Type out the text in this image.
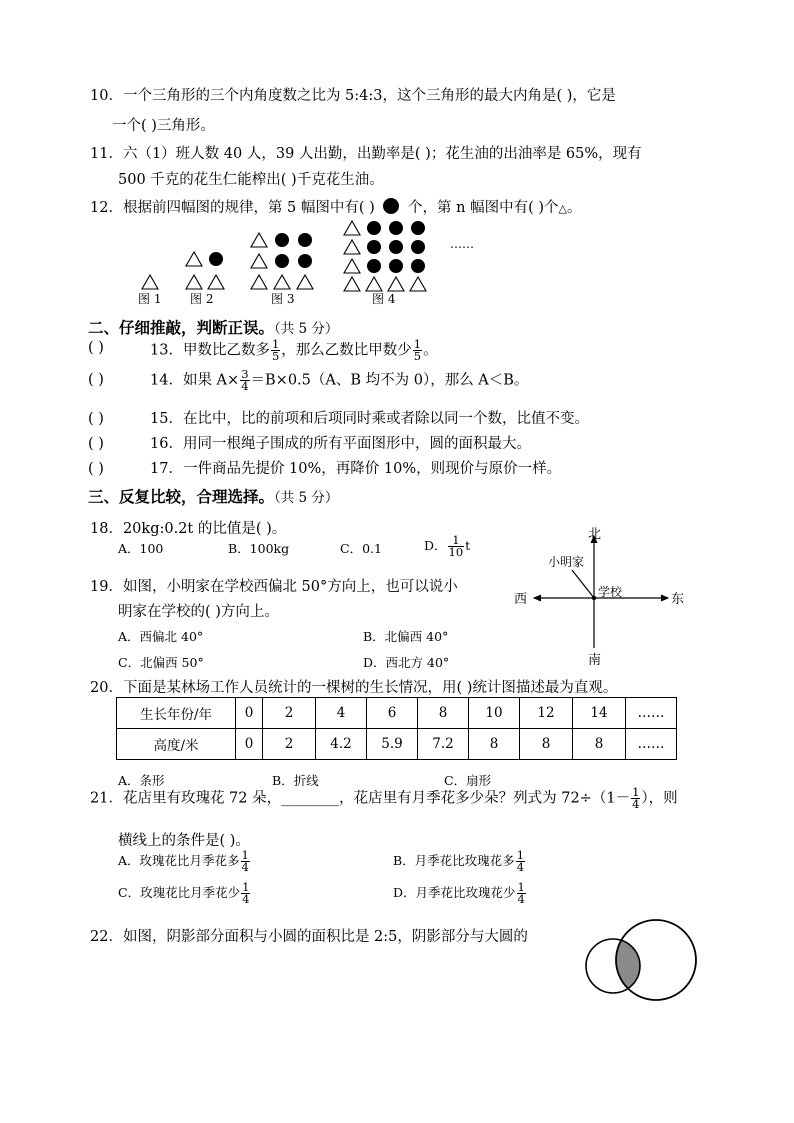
10．一个三角形的三个内角度数之比为 5:4:3，这个三角形的最大内角是( )，它是
一个( )三角形。
11．六（1）班人数 40 人，39 人出勤，出勤率是( )；花生油的出油率是 65%，现有
500 千克的花生仁能榨出( )千克花生油。
12．根据前四幅图的规律，第 5 幅图中有( ) 个，第 n 幅图中有( )个△。
……
图 1 图 2	图 3	图 4
二、仔细推敲，判断正误。（共 5 分）
( )	13．甲数比乙数多 $\frac{1}{5}$ ，那么乙数比甲数少 $\frac{1}{5}$ 。
( )	14．如果 $A\times \frac{3}{4} =B\times 0.5(A$、B 均不为 0），那么 A＜B。
( )	15．在比中，比的前项和后项同时乘或者除以同一个数，比值不变。
( )	16．用同一根绳子围成的所有平面图形中，圆的面积最大。
( )	17．一件商品先提价 10%，再降价 10%，则现价与原价一样。
三、反复比较，合理选择。（共 5 分）
18．20kg:0.2t 的比值是( )。
A．100	B．100kg	C．0.1	D． $\frac{1}{10}$ t
19．如图，小明家在学校西偏北 50°方向上，也可以说小
明家在学校的( )方向上。
A．西偏北 40°	B．北偏西 40°
C．北偏西 50°	D．西北方 40°
北
南
东
西
小明家
学校
20．下面是某林场工作人员统计的一棵树的生长情况，用( )统计图描述最为直观。
生长年份/年	0	2	4	6	8	10	12	14	……
高度/米	0	2	4.2	5.9	7.2	8	8	8	……
A．条形	B．折线	C．扇形
21．花店里有玫瑰花 72 朵，________，花店里有月季花多少朵？列式为 $72\div(1- \frac{1}{4}$ ），则
横线上的条件是( )。
A．玫瑰花比月季花多 $\frac{1}{4}$	B．月季花比玫瑰花多 $\frac{1}{4}$
C．玫瑰花比月季花少 $\frac{1}{4}$	D．月季花比玫瑰花少 $\frac{1}{4}$
22．如图，阴影部分面积与小圆的面积比是 2:5，阴影部分与大圆的
